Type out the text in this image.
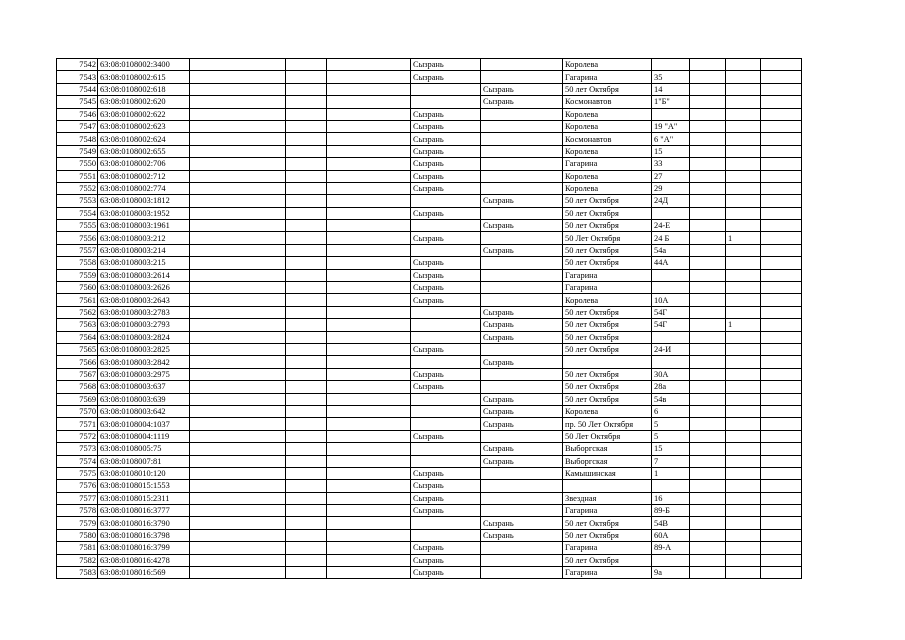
7542	63:08:0108002:3400				Сызрань		Королева				
7543	63:08:0108002:615				Сызрань		Гагарина	35			
7544	63:08:0108002:618					Сызрань	50 лет Октября	14			
7545	63:08:0108002:620					Сызрань	Космонавтов	1"Б"			
7546	63:08:0108002:622				Сызрань		Королева				
7547	63:08:0108002:623				Сызрань		Королева	19 "А"			
7548	63:08:0108002:624				Сызрань		Космонавтов	6 "А"			
7549	63:08:0108002:655				Сызрань		Королева	15			
7550	63:08:0108002:706				Сызрань		Гагарина	33			
7551	63:08:0108002:712				Сызрань		Королева	27			
7552	63:08:0108002:774				Сызрань		Королева	29			
7553	63:08:0108003:1812					Сызрань	50 лет Октября	24Д			
7554	63:08:0108003:1952				Сызрань		50 лет Октября				
7555	63:08:0108003:1961					Сызрань	50 лет Октября	24-Е			
7556	63:08:0108003:212				Сызрань		50 Лет Октября	24 Б		1	
7557	63:08:0108003:214					Сызрань	50 лет Октября	54а			
7558	63:08:0108003:215				Сызрань		50 лет Октября	44А			
7559	63:08:0108003:2614				Сызрань		Гагарина				
7560	63:08:0108003:2626				Сызрань		Гагарина				
7561	63:08:0108003:2643				Сызрань		Королева	10А			
7562	63:08:0108003:2783					Сызрань	50 лет Октября	54Г			
7563	63:08:0108003:2793					Сызрань	50 лет Октября	54Г		1	
7564	63:08:0108003:2824					Сызрань	50 лет Октября				
7565	63:08:0108003:2825				Сызрань		50 лет Октября	24-И			
7566	63:08:0108003:2842					Сызрань					
7567	63:08:0108003:2975				Сызрань		50 лет Октября	30А			
7568	63:08:0108003:637				Сызрань		50 лет Октября	28а			
7569	63:08:0108003:639					Сызрань	50 лет Октября	54в			
7570	63:08:0108003:642					Сызрань	Королева	6			
7571	63:08:0108004:1037					Сызрань	пр. 50 Лет Октября	5			
7572	63:08:0108004:1119				Сызрань		50 Лет Октября	5			
7573	63:08:0108005:75					Сызрань	Выборгская	15			
7574	63:08:0108007:81					Сызрань	Выборгская	7			
7575	63:08:0108010:120				Сызрань		Камышинская	1			
7576	63:08:0108015:1553				Сызрань						
7577	63:08:0108015:2311				Сызрань		Звездная	16			
7578	63:08:0108016:3777				Сызрань		Гагарина	89-Б			
7579	63:08:0108016:3790					Сызрань	50 лет Октября	54В			
7580	63:08:0108016:3798					Сызрань	50 лет Октября	60А			
7581	63:08:0108016:3799				Сызрань		Гагарина	89-А			
7582	63:08:0108016:4278				Сызрань		50 лет Октября				
7583	63:08:0108016:569				Сызрань		Гагарина	9а			
